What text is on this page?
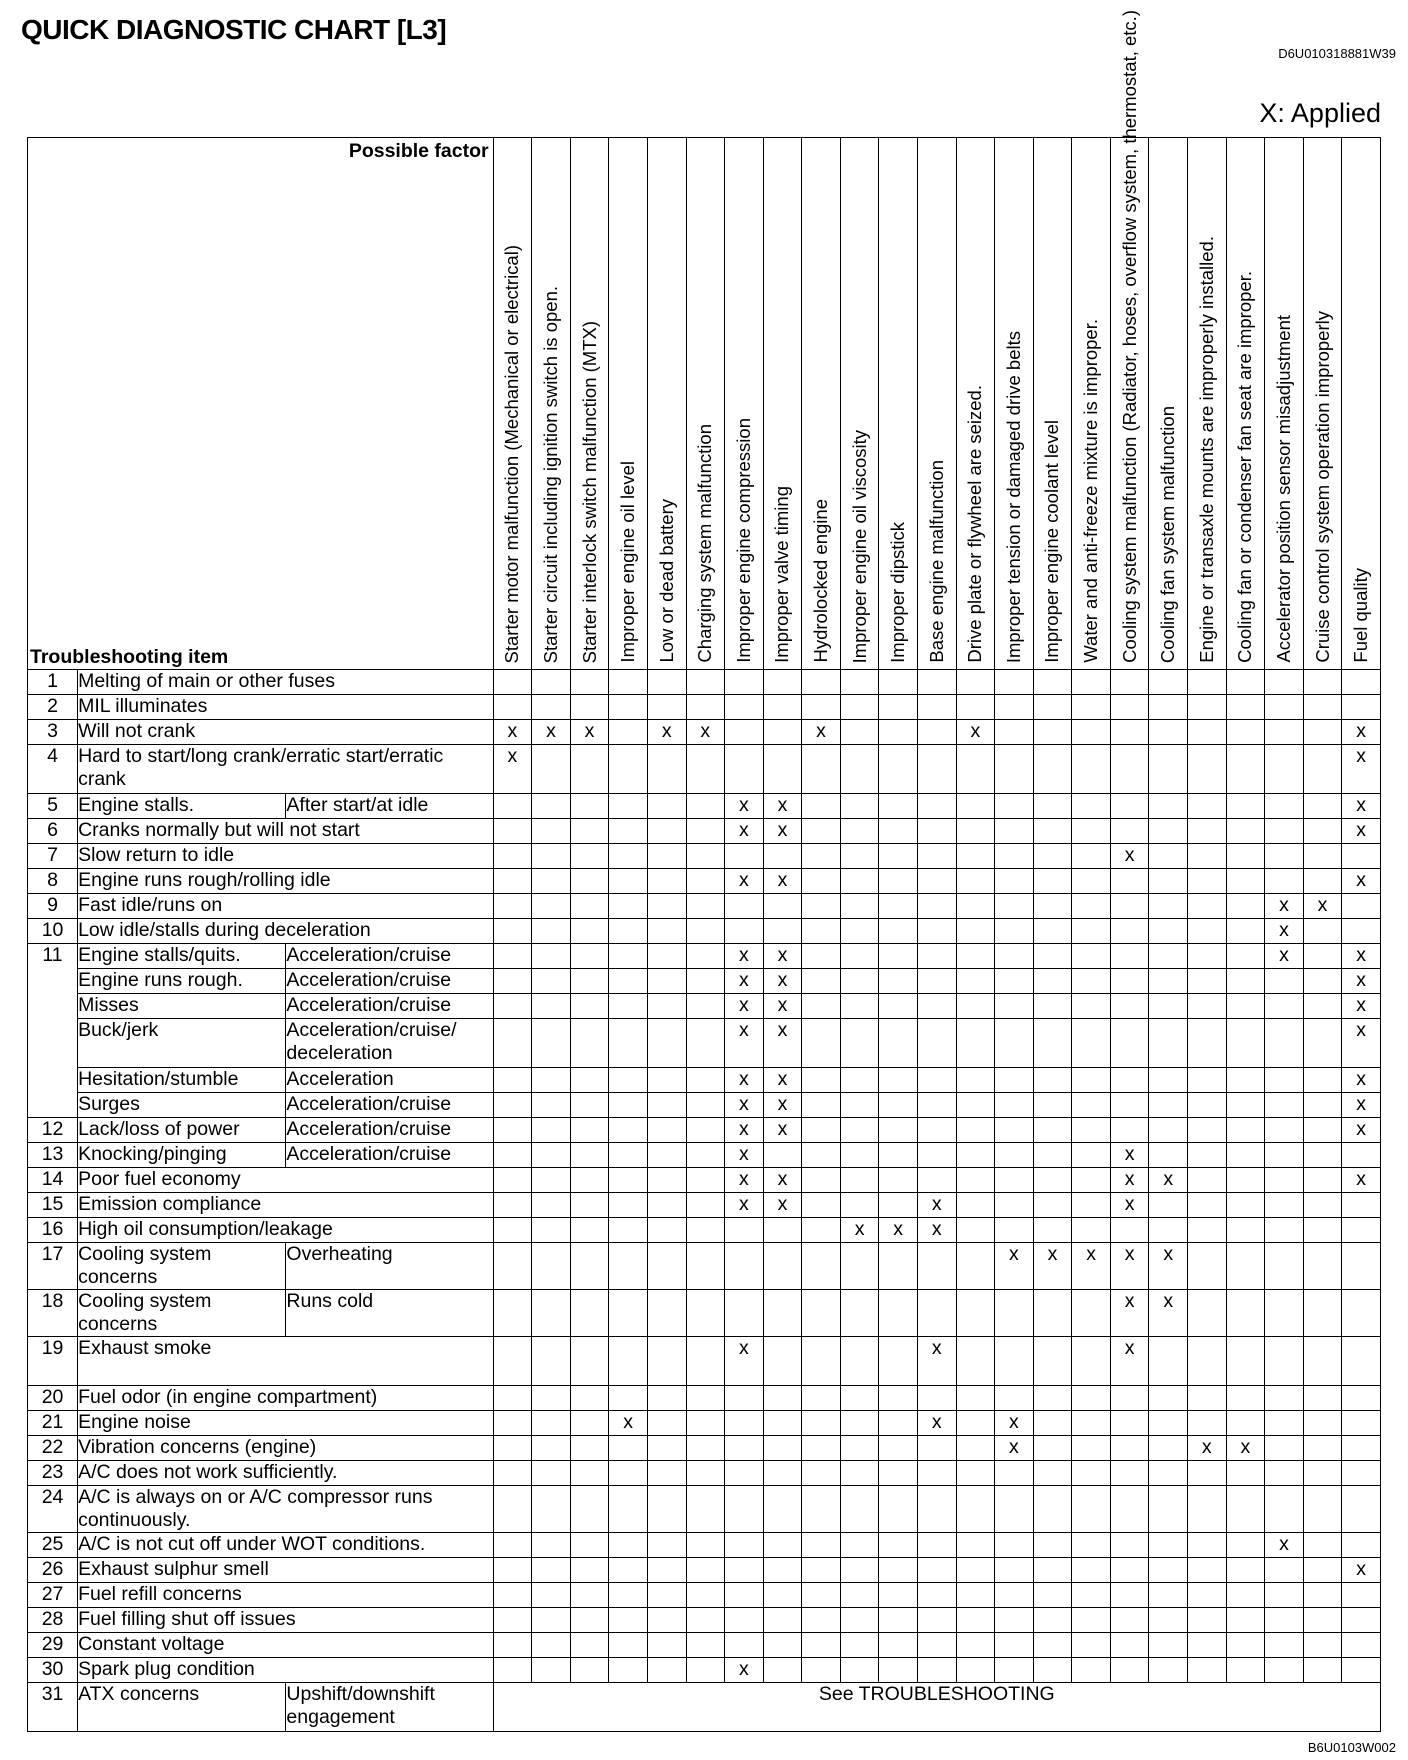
QUICK DIAGNOSTIC CHART [L3]
D6U010318881W39
X: Applied
Possible factor
Troubleshooting item			Starter motor malfunction (Mechanical or electrical)	Starter circuit including ignition switch is open.	Starter interlock switch malfunction (MTX)	Improper engine oil level	Low or dead battery	Charging system malfunction	Improper engine compression	Improper valve timing	Hydrolocked engine	Improper engine oil viscosity	Improper dipstick	Base engine malfunction	Drive plate or flywheel are seized.	Improper tension or damaged drive belts	Improper engine coolant level	Water and anti-freeze mixture is improper.	Cooling system malfunction (Radiator, hoses, overflow system, thermostat, etc.)	Cooling fan system malfunction	Engine or transaxle mounts are improperly installed.	Cooling fan or condenser fan seat are improper.	Accelerator position sensor misadjustment	Cruise control system operation improperly	Fuel quality

1	Melting of main or other fuses																								
2	MIL illuminates																								
3	Will not crank		x	x	x		x	x			x				x										x
4	Hard to start/long crank/erratic start/erratic crank		x																						x
5	Engine stalls.	After start/at idle							x	x															x
6	Cranks normally but will not start								x	x															x
7	Slow return to idle																		x						
8	Engine runs rough/rolling idle								x	x															x
9	Fast idle/runs on																						x	x	
10	Low idle/stalls during deceleration																						x		
11	Engine stalls/quits.	Acceleration/cruise							x	x													x		x
	Engine runs rough.	Acceleration/cruise							x	x															x
	Misses	Acceleration/cruise							x	x															x
	Buck/jerk	Acceleration/cruise/ deceleration							x	x															x
	Hesitation/stumble	Acceleration							x	x															x
	Surges	Acceleration/cruise							x	x															x
12	Lack/loss of power	Acceleration/cruise							x	x															x
13	Knocking/pinging	Acceleration/cruise							x										x						
14	Poor fuel economy								x	x									x	x					x
15	Emission compliance								x	x				x					x						
16	High oil consumption/leakage											x	x	x											
17	Cooling system concerns	Overheating														x	x	x	x	x					
18	Cooling system concerns	Runs cold																	x	x					
19	Exhaust smoke								x					x					x						
20	Fuel odor (in engine compartment)																								
21	Engine noise					x								x		x									
22	Vibration concerns (engine)															x					x	x			
23	A/C does not work sufficiently.																								
24	A/C is always on or A/C compressor runs continuously.																								
25	A/C is not cut off under WOT conditions.																						x		
26	Exhaust sulphur smell																								x
27	Fuel refill concerns																								
28	Fuel filling shut off issues																								
29	Constant voltage																								
30	Spark plug condition								x																
31	ATX concerns	Upshift/downshift engagement	See TROUBLESHOOTING																						
B6U0103W002
